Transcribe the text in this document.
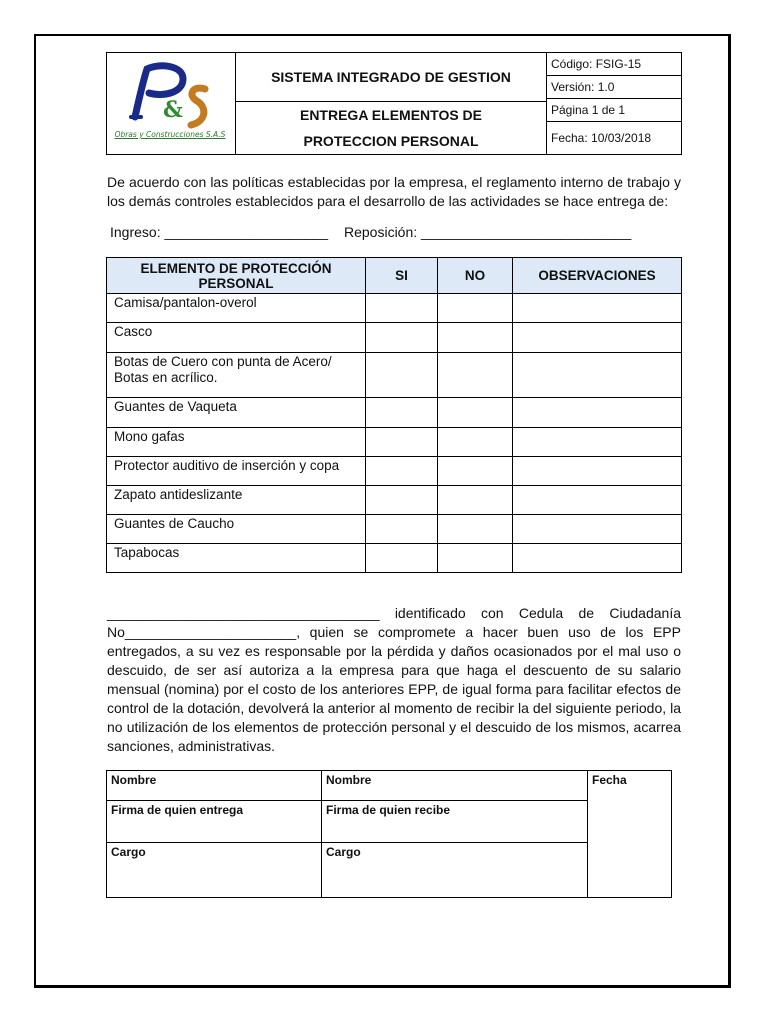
&
Obras y Construcciones S.A.S
SISTEMA INTEGRADO DE GESTION
ENTREGA ELEMENTOS DE
PROTECCION PERSONAL
Código: FSIG-15
Versión: 1.0
Página 1 de 1
Fecha: 10/03/2018
De acuerdo con las políticas establecidas por la empresa, el reglamento interno de trabajo y los demás controles establecidos para el desarrollo de las actividades se hace entrega de:
Ingreso: _____________________ Reposición: ___________________________
ELEMENTO DE PROTECCIÓN PERSONAL	SI	NO	OBSERVACIONES
Camisa/pantalon-overol			
Casco			
Botas de Cuero con punta de Acero/ Botas en acrílico.			
Guantes de Vaqueta			
Mono gafas			
Protector auditivo de inserción y copa			
Zapato antideslizante			
Guantes de Caucho			
Tapabocas			
___________________________________ identificado con Cedula de Ciudadanía
No______________________, quien se compromete a hacer buen uso de los EPP entregados, a su vez es responsable por la pérdida y daños ocasionados por el mal uso o descuido, de ser así autoriza a la empresa para que haga el descuento de su salario mensual (nomina) por el costo de los anteriores EPP, de igual forma para facilitar efectos de control de la dotación, devolverá la anterior al momento de recibir la del siguiente periodo, la no utilización de los elementos de protección personal y el descuido de los mismos, acarrea sanciones, administrativas.
Nombre	Nombre	Fecha
Firma de quien entrega	Firma de quien recibe	
Cargo	Cargo	
